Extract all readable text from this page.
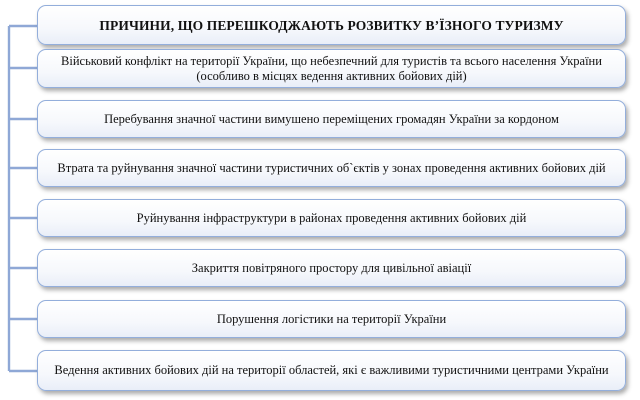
ПРИЧИНИ, ЩО ПЕРЕШКОДЖАЮТЬ РОЗВИТКУ В’ЇЗНОГО ТУРИЗМУ
Військовий конфлікт на території України, що небезпечний для туристів та всього населення України (особливо в місцях ведення активних бойових дій)
Перебування значної частини вимушено переміщених громадян України за кордоном
Втрата та руйнування значної частини туристичних об`єктів у зонах проведення активних бойових дій
Руйнування інфраструктури в районах проведення активних бойових дій
Закриття повітряного простору для цивільної авіації
Порушення логістики на території України
Ведення активних бойових дій на території областей, які є важливими туристичними центрами України
